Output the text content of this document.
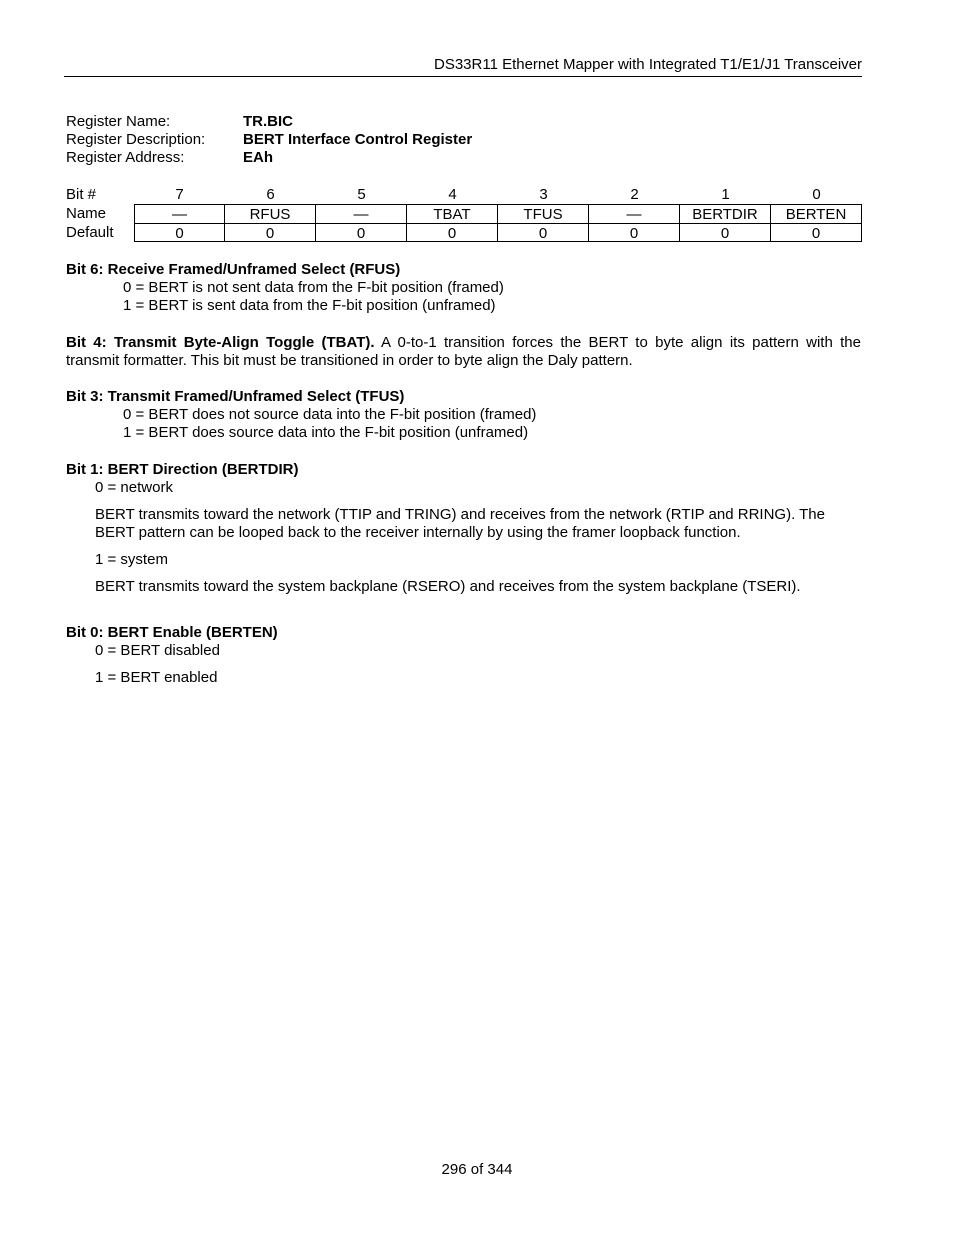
DS33R11 Ethernet Mapper with Integrated T1/E1/J1 Transceiver
Register Name:	TR.BIC
Register Description:	BERT Interface Control Register
Register Address:	EAh
Bit #	7	6	5	4	3	2	1	0
Name	—	RFUS	—	TBAT	TFUS	—	BERTDIR	BERTEN
Default	0	0	0	0	0	0	0	0
Bit 6: Receive Framed/Unframed Select (RFUS)
0 = BERT is not sent data from the F-bit position (framed)
1 = BERT is sent data from the F-bit position (unframed)
Bit 4: Transmit Byte-Align Toggle (TBAT). A 0-to-1 transition forces the BERT to byte align its pattern with the transmit formatter. This bit must be transitioned in order to byte align the Daly pattern.
Bit 3: Transmit Framed/Unframed Select (TFUS)
0 = BERT does not source data into the F-bit position (framed)
1 = BERT does source data into the F-bit position (unframed)
Bit 1: BERT Direction (BERTDIR)
0 = network
BERT transmits toward the network (TTIP and TRING) and receives from the network (RTIP and RRING). The BERT pattern can be looped back to the receiver internally by using the framer loopback function.
1 = system
BERT transmits toward the system backplane (RSERO) and receives from the system backplane (TSERI).
Bit 0: BERT Enable (BERTEN)
0 = BERT disabled
1 = BERT enabled
296 of 344
